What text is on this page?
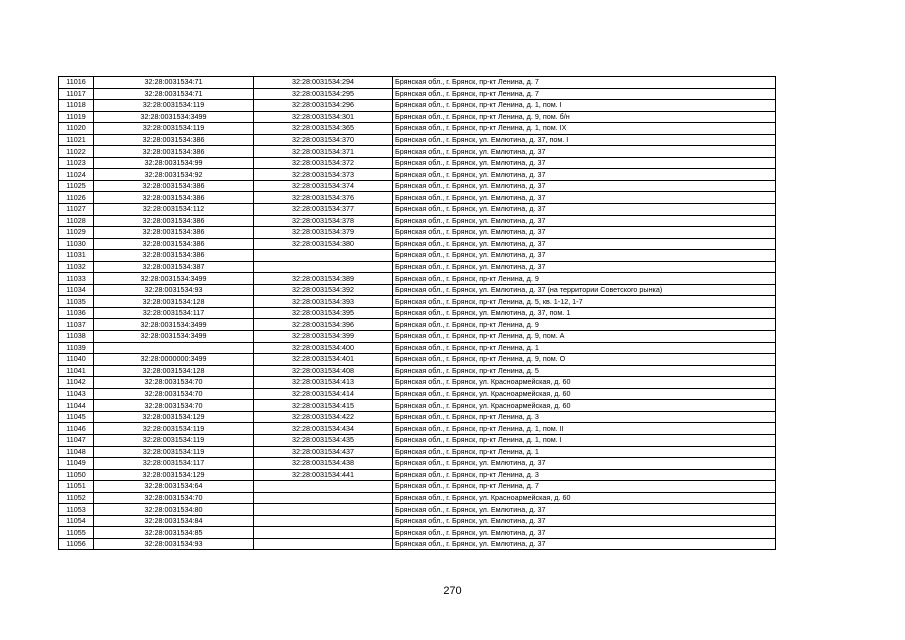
11016	32:28:0031534:71	32:28:0031534:294	Брянская обл., г. Брянск, пр-кт Ленина, д. 7
11017	32:28:0031534:71	32:28:0031534:295	Брянская обл., г. Брянск, пр-кт Ленина, д. 7
11018	32:28:0031534:119	32:28:0031534:296	Брянская обл., г. Брянск, пр-кт Ленина, д. 1, пом. I
11019	32:28:0031534:3499	32:28:0031534:301	Брянская обл., г. Брянск, пр-кт Ленина, д. 9, пом. б/н
11020	32:28:0031534:119	32:28:0031534:365	Брянская обл., г. Брянск, пр-кт Ленина, д. 1, пом. IX
11021	32:28:0031534:386	32:28:0031534:370	Брянская обл., г. Брянск, ул. Емлютина, д. 37, пом. I
11022	32:28:0031534:386	32:28:0031534:371	Брянская обл., г. Брянск, ул. Емлютина, д. 37
11023	32:28:0031534:99	32:28:0031534:372	Брянская обл., г. Брянск, ул. Емлютина, д. 37
11024	32:28:0031534:92	32:28:0031534:373	Брянская обл., г. Брянск, ул. Емлютина, д. 37
11025	32:28:0031534:386	32:28:0031534:374	Брянская обл., г. Брянск, ул. Емлютина, д. 37
11026	32:28:0031534:386	32:28:0031534:376	Брянская обл., г. Брянск, ул. Емлютина, д. 37
11027	32:28:0031534:112	32:28:0031534:377	Брянская обл., г. Брянск, ул. Емлютина, д. 37
11028	32:28:0031534:386	32:28:0031534:378	Брянская обл., г. Брянск, ул. Емлютина, д. 37
11029	32:28:0031534:386	32:28:0031534:379	Брянская обл., г. Брянск, ул. Емлютина, д. 37
11030	32:28:0031534:386	32:28:0031534:380	Брянская обл., г. Брянск, ул. Емлютина, д. 37
11031	32:28:0031534:386		Брянская обл., г. Брянск, ул. Емлютина, д. 37
11032	32:28:0031534:387		Брянская обл., г. Брянск, ул. Емлютина, д. 37
11033	32:28:0031534:3499	32:28:0031534:389	Брянская обл., г. Брянск, пр-кт Ленина, д. 9
11034	32:28:0031534:93	32:28:0031534:392	Брянская обл., г. Брянск, ул. Емлютина, д. 37 (на территории Советского рынка)
11035	32:28:0031534:128	32:28:0031534:393	Брянская обл., г. Брянск, пр-кт Ленина, д. 5, кв. 1-12, 1-7
11036	32:28:0031534:117	32:28:0031534:395	Брянская обл., г. Брянск, ул. Емлютина, д. 37, пом. 1
11037	32:28:0031534:3499	32:28:0031534:396	Брянская обл., г. Брянск, пр-кт Ленина, д. 9
11038	32:28:0031534:3499	32:28:0031534:399	Брянская обл., г. Брянск, пр-кт Ленина, д. 9, пом. А
11039		32:28:0031534:400	Брянская обл., г. Брянск, пр-кт Ленина, д. 1
11040	32:28:0000000:3499	32:28:0031534:401	Брянская обл., г. Брянск, пр-кт Ленина, д. 9, пом. О
11041	32:28:0031534:128	32:28:0031534:408	Брянская обл., г. Брянск, пр-кт Ленина, д. 5
11042	32:28:0031534:70	32:28:0031534:413	Брянская обл., г. Брянск, ул. Красноармейская, д. 60
11043	32:28:0031534:70	32:28:0031534:414	Брянская обл., г. Брянск, ул. Красноармейская, д. 60
11044	32:28:0031534:70	32:28:0031534:415	Брянская обл., г. Брянск, ул. Красноармейская, д. 60
11045	32:28:0031534:129	32:28:0031534:422	Брянская обл., г. Брянск, пр-кт Ленина, д. 3
11046	32:28:0031534:119	32:28:0031534:434	Брянская обл., г. Брянск, пр-кт Ленина, д. 1, пом. II
11047	32:28:0031534:119	32:28:0031534:435	Брянская обл., г. Брянск, пр-кт Ленина, д. 1, пом. I
11048	32:28:0031534:119	32:28:0031534:437	Брянская обл., г. Брянск, пр-кт Ленина, д. 1
11049	32:28:0031534:117	32:28:0031534:438	Брянская обл., г. Брянск, ул. Емлютина, д. 37
11050	32:28:0031534:129	32:28:0031534:441	Брянская обл., г. Брянск, пр-кт Ленина, д. 3
11051	32:28:0031534:64		Брянская обл., г. Брянск, пр-кт Ленина, д. 7
11052	32:28:0031534:70		Брянская обл., г. Брянск, ул. Красноармейская, д. 60
11053	32:28:0031534:80		Брянская обл., г. Брянск, ул. Емлютина, д. 37
11054	32:28:0031534:84		Брянская обл., г. Брянск, ул. Емлютина, д. 37
11055	32:28:0031534:85		Брянская обл., г. Брянск, ул. Емлютина, д. 37
11056	32:28:0031534:93		Брянская обл., г. Брянск, ул. Емлютина, д. 37
270
